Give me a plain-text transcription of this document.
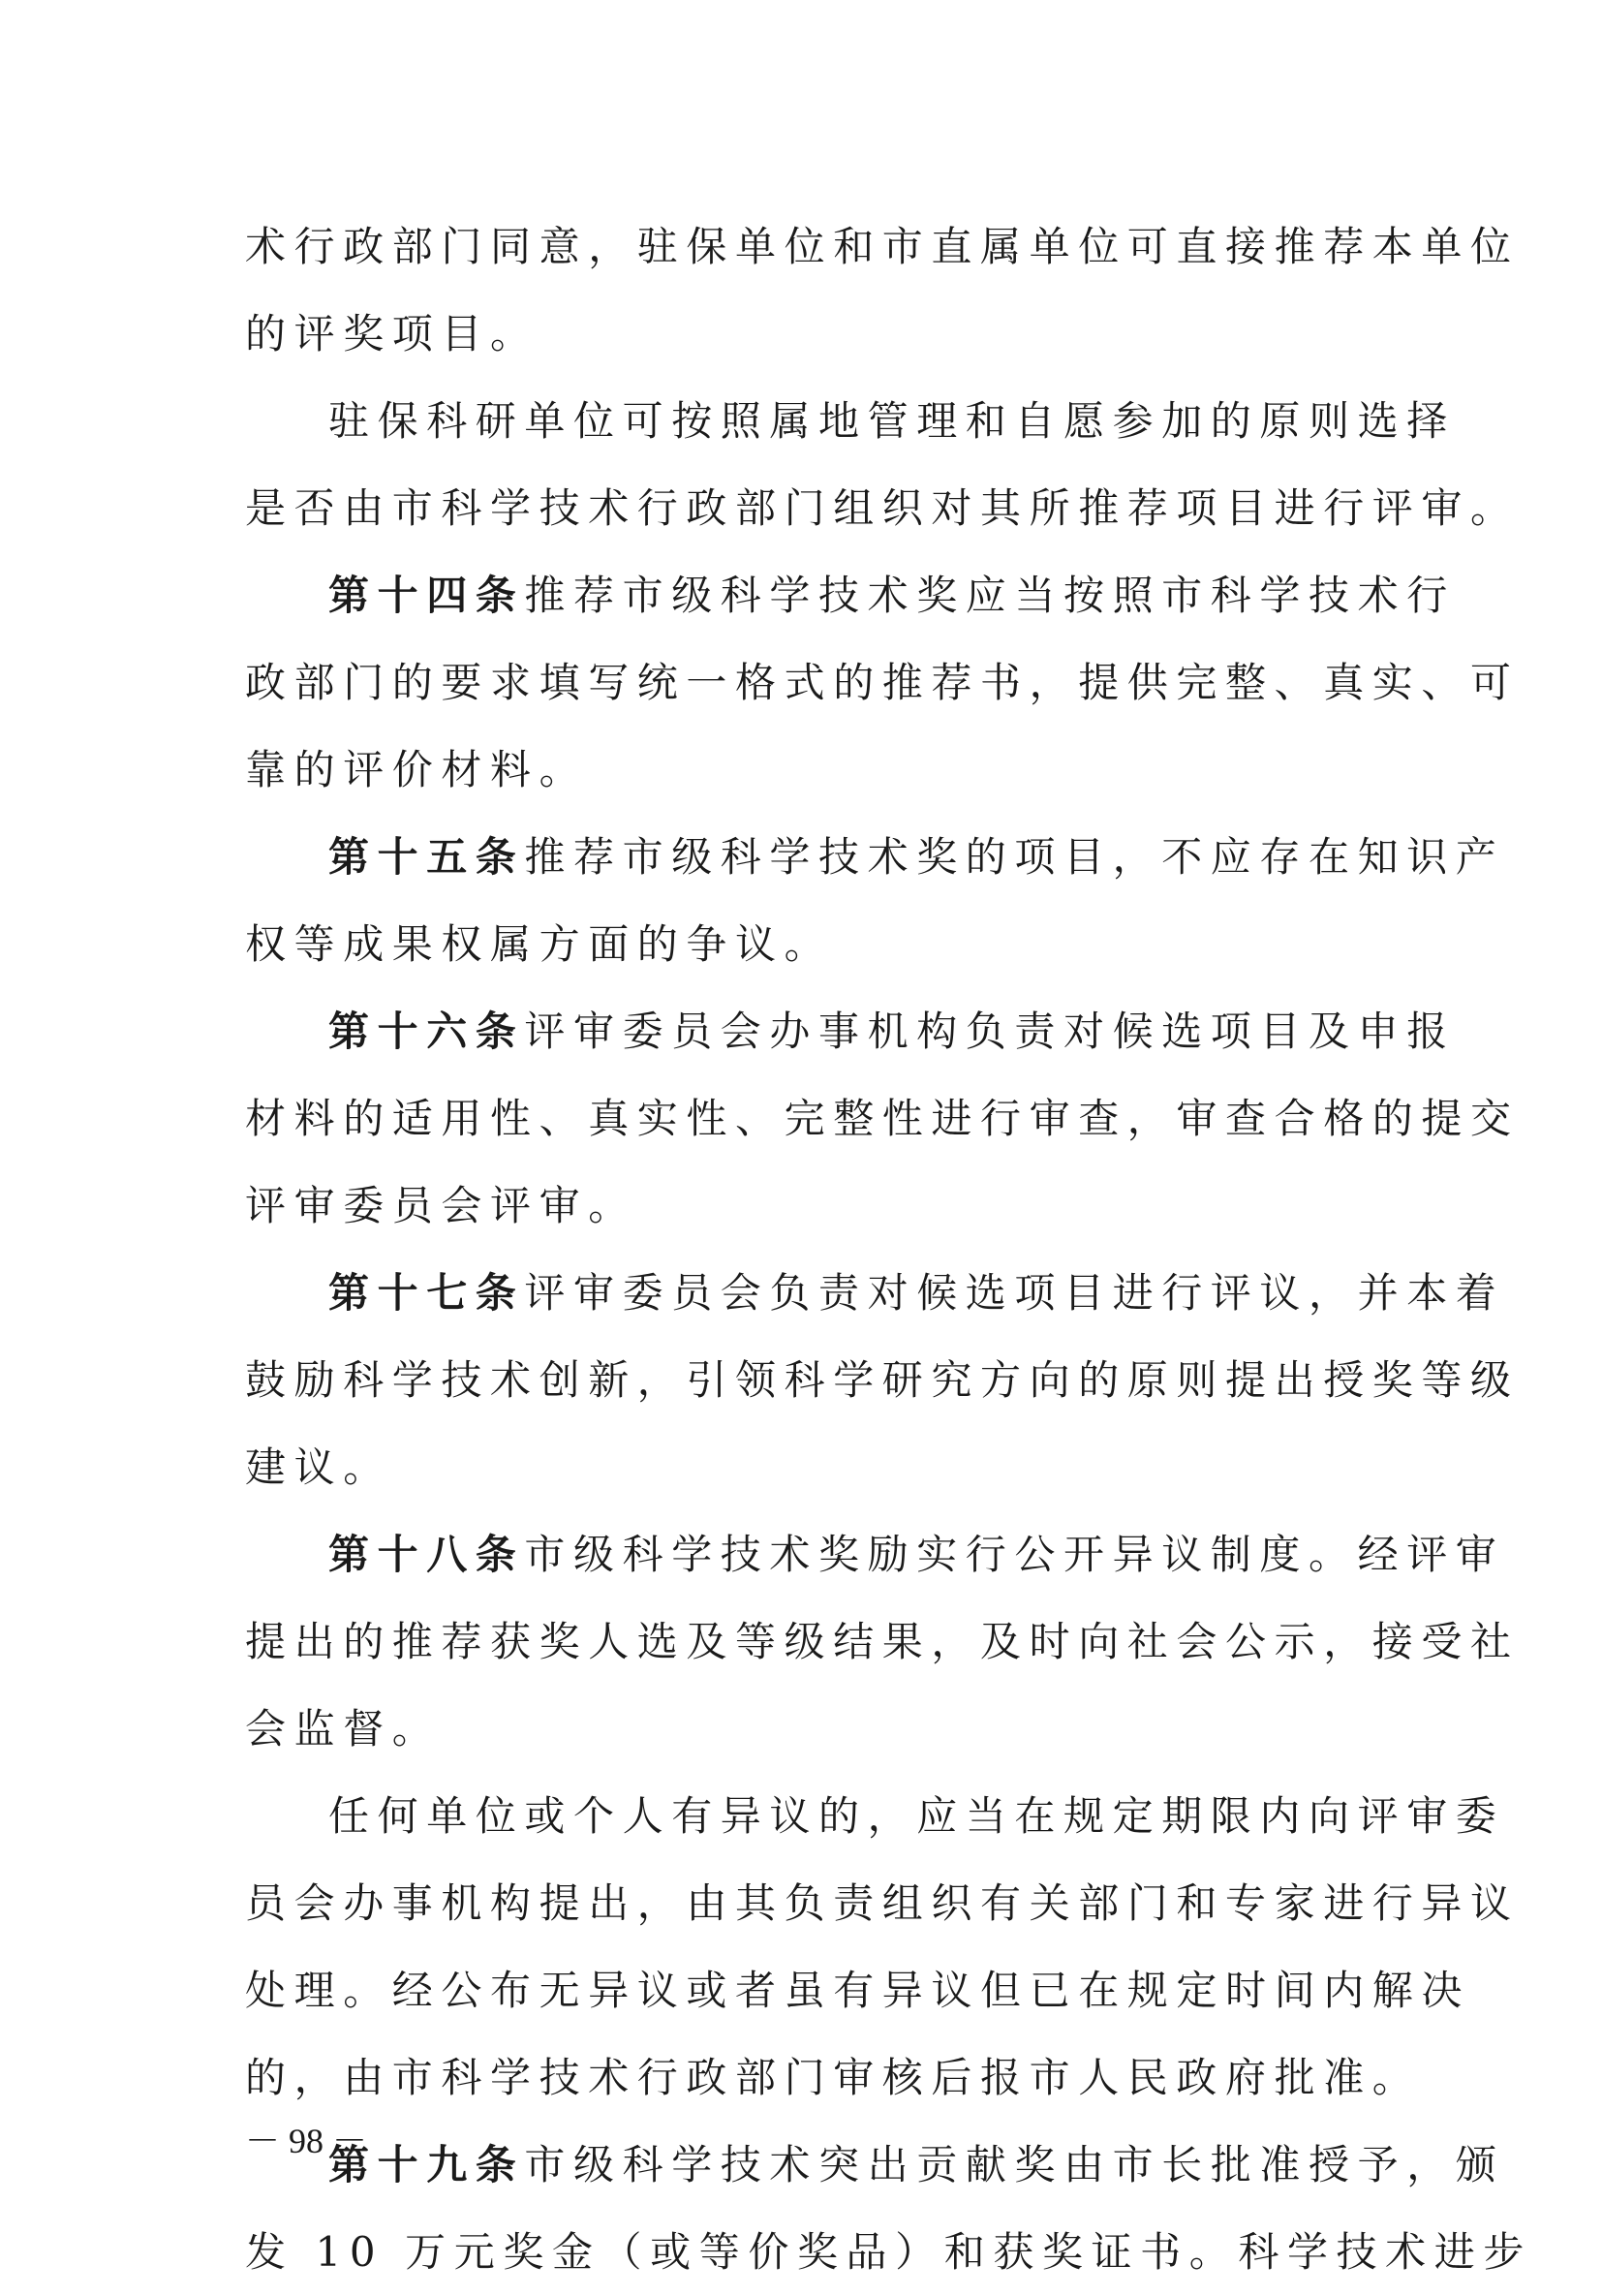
术行政部门同意，驻保单位和市直属单位可直接推荐本单位
的评奖项目。
驻保科研单位可按照属地管理和自愿参加的原则选择
是否由市科学技术行政部门组织对其所推荐项目进行评审。
第十四条推荐市级科学技术奖应当按照市科学技术行
政部门的要求填写统一格式的推荐书，提供完整、真实、可
靠的评价材料。
第十五条推荐市级科学技术奖的项目，不应存在知识产
权等成果权属方面的争议。
第十六条评审委员会办事机构负责对候选项目及申报
材料的适用性、真实性、完整性进行审查，审查合格的提交
评审委员会评审。
第十七条评审委员会负责对候选项目进行评议，并本着
鼓励科学技术创新，引领科学研究方向的原则提出授奖等级
建议。
第十八条市级科学技术奖励实行公开异议制度。经评审
提出的推荐获奖人选及等级结果，及时向社会公示，接受社
会监督。
任何单位或个人有异议的，应当在规定期限内向评审委
员会办事机构提出，由其负责组织有关部门和专家进行异议
处理。经公布无异议或者虽有异议但已在规定时间内解决
的，由市科学技术行政部门审核后报市人民政府批准。
第十九条市级科学技术突出贡献奖由市长批准授予，颁
发 10 万元奖金（或等价奖品）和获奖证书。科学技术进步
－ 98 －
